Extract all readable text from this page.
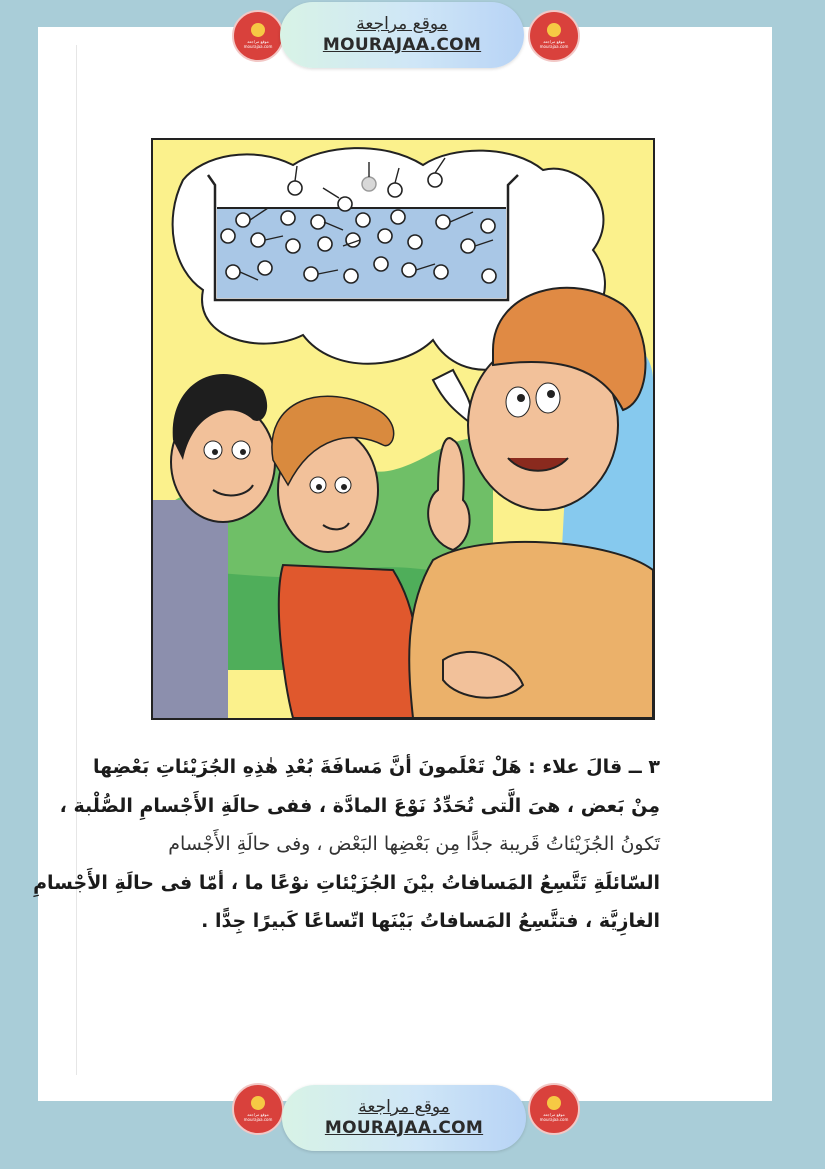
موقع مراجعة
mourajaa.com
موقع مراجعة
MOURAJAA.COM	موقع مراجعة
mourajaa.com
٣ ــ قالَ علاء : هَلْ تَعْلَمونَ أنَّ مَسافَةَ بُعْدِ هٰذِهِ الجُزَيْئاتِ بَعْضِها
مِنْ بَعض ، هىَ الَّتى تُحَدِّدُ نَوْعَ المادَّة ، ففى حالَةِ الأَجْسامِ الصُّلْبة ،
تَكونُ الجُزَيْئاتُ قَريبة جدًّا مِن بَعْضِها البَعْض ، وفى حالَةِ الأَجْسام
السّائلَةِ تَتَّسِعُ المَسافاتُ بيْنَ الجُزَيْئاتِ نوْعًا ما ، أمّا فى حالَةِ الأَجْسامِ
الغازِيَّة ، فتتَّسِعُ المَسافاتُ بَيْنَها اتّساعًا كَبيرًا جِدًّا .
موقع مراجعة
mourajaa.com
موقع مراجعة
MOURAJAA.COM
موقع مراجعة
mourajaa.com
